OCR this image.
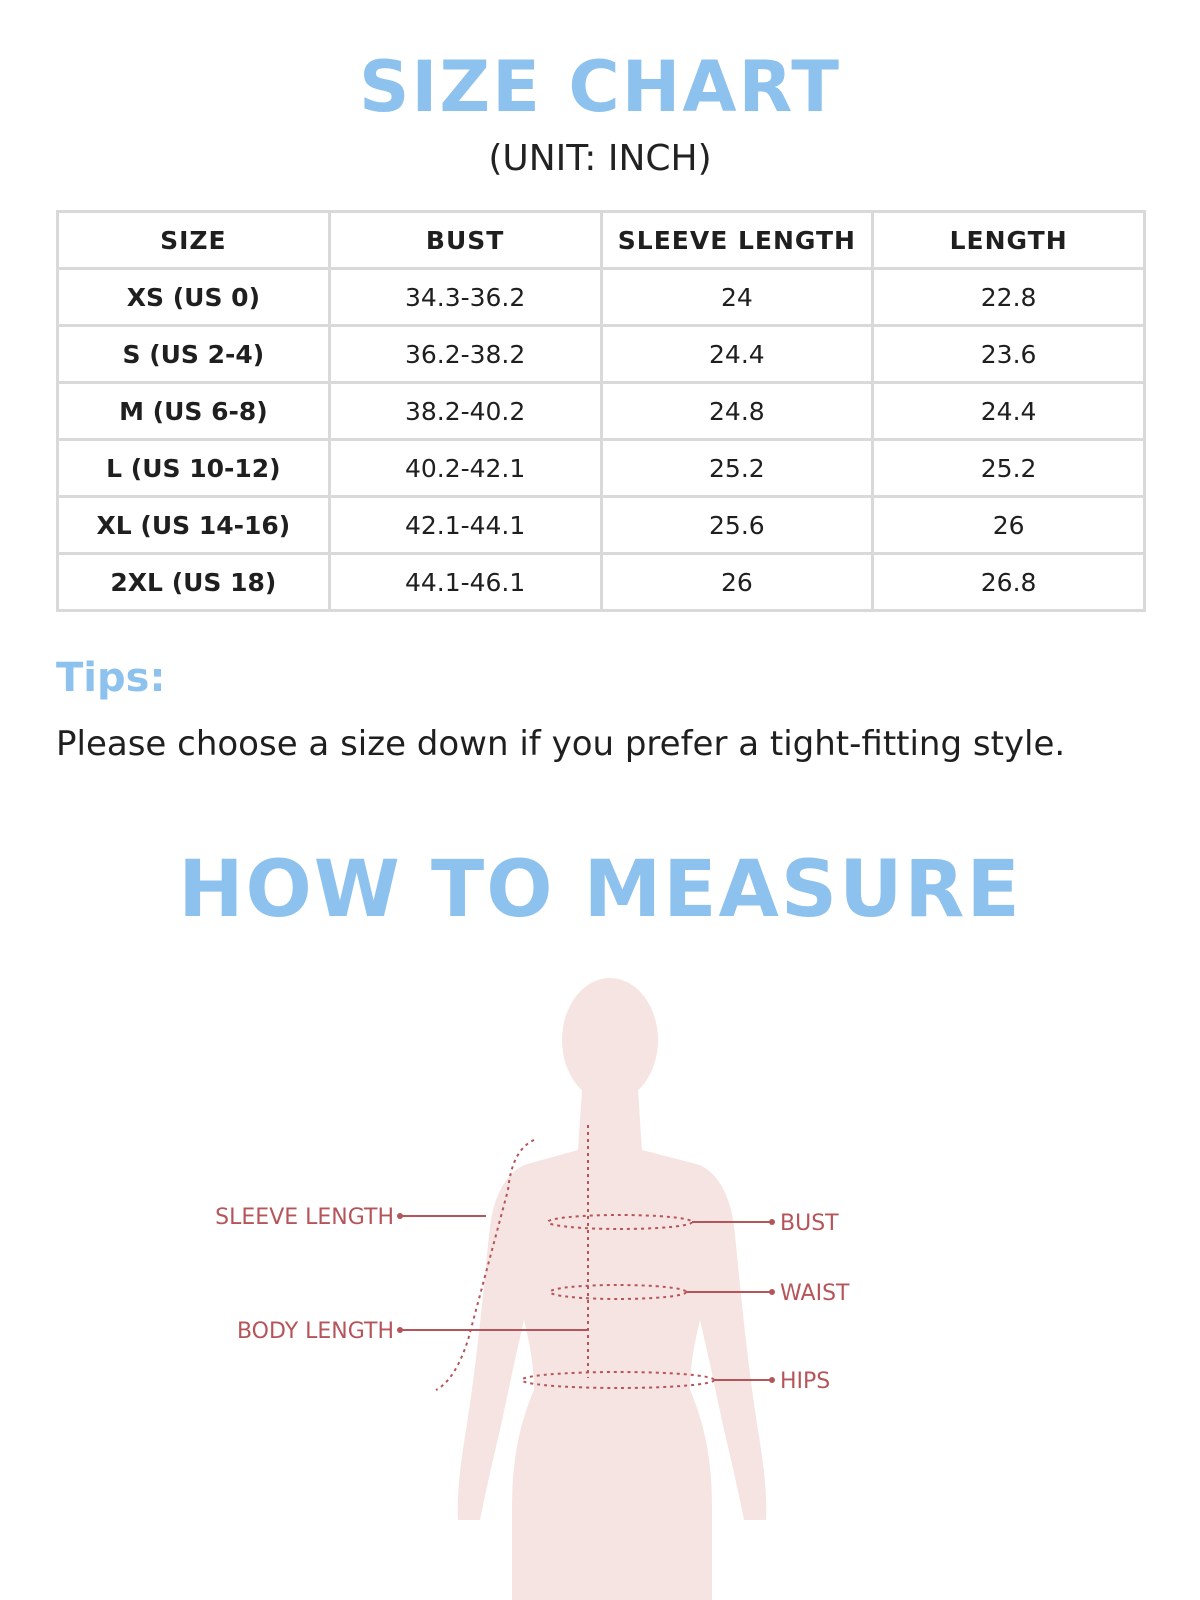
SIZE CHART
(UNIT: INCH)
SIZE	BUST	SLEEVE LENGTH	LENGTH
XS (US 0)	34.3-36.2	24	22.8
S (US 2-4)	36.2-38.2	24.4	23.6
M (US 6-8)	38.2-40.2	24.8	24.4
L (US 10-12)	40.2-42.1	25.2	25.2
XL (US 14-16)	42.1-44.1	25.6	26
2XL (US 18)	44.1-46.1	26	26.8
Tips:
Please choose a size down if you prefer a tight-fitting style.
HOW TO MEASURE
SLEEVE LENGTH
BODY LENGTH
BUST
WAIST
HIPS
